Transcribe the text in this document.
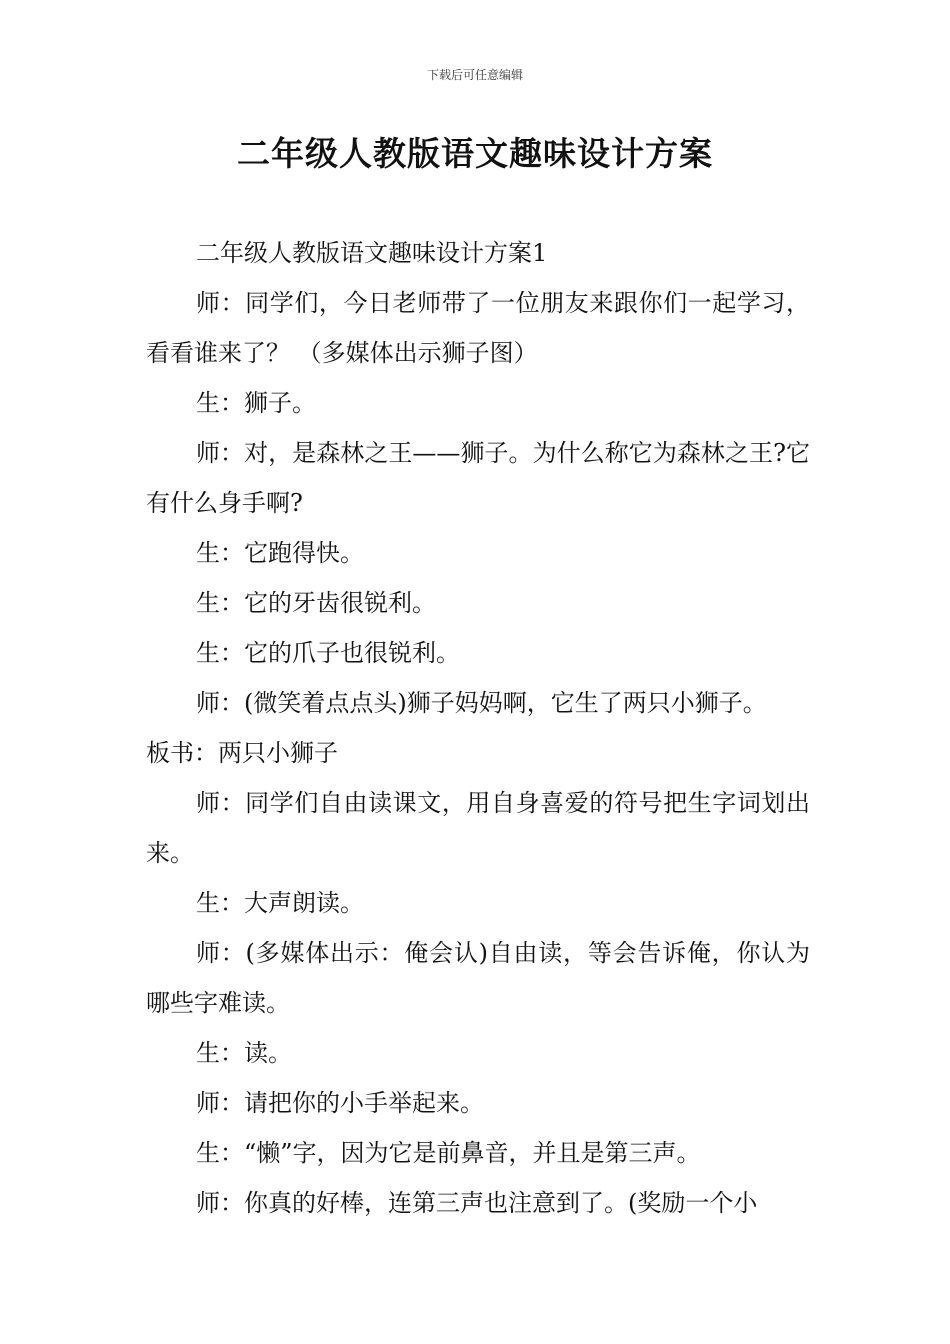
下载后可任意编辑
二年级人教版语文趣味设计方案

二年级人教版语文趣味设计方案1

师：同学们，今日老师带了一位朋友来跟你们一起学习，看看谁来了？ （多媒体出示狮子图）

生：狮子。

师：对，是森林之王——狮子。为什么称它为森林之王?它有什么身手啊?

生：它跑得快。

生：它的牙齿很锐利。

生：它的爪子也很锐利。

师：(微笑着点点头)狮子妈妈啊，它生了两只小狮子。

板书：两只小狮子

师：同学们自由读课文，用自身喜爱的符号把生字词划出来。

生：大声朗读。

师：(多媒体出示：俺会认)自由读，等会告诉俺，你认为哪些字难读。

生：读。

师：请把你的小手举起来。

生：“懒”字，因为它是前鼻音，并且是第三声。

师：你真的好棒，连第三声也注意到了。(奖励一个小
